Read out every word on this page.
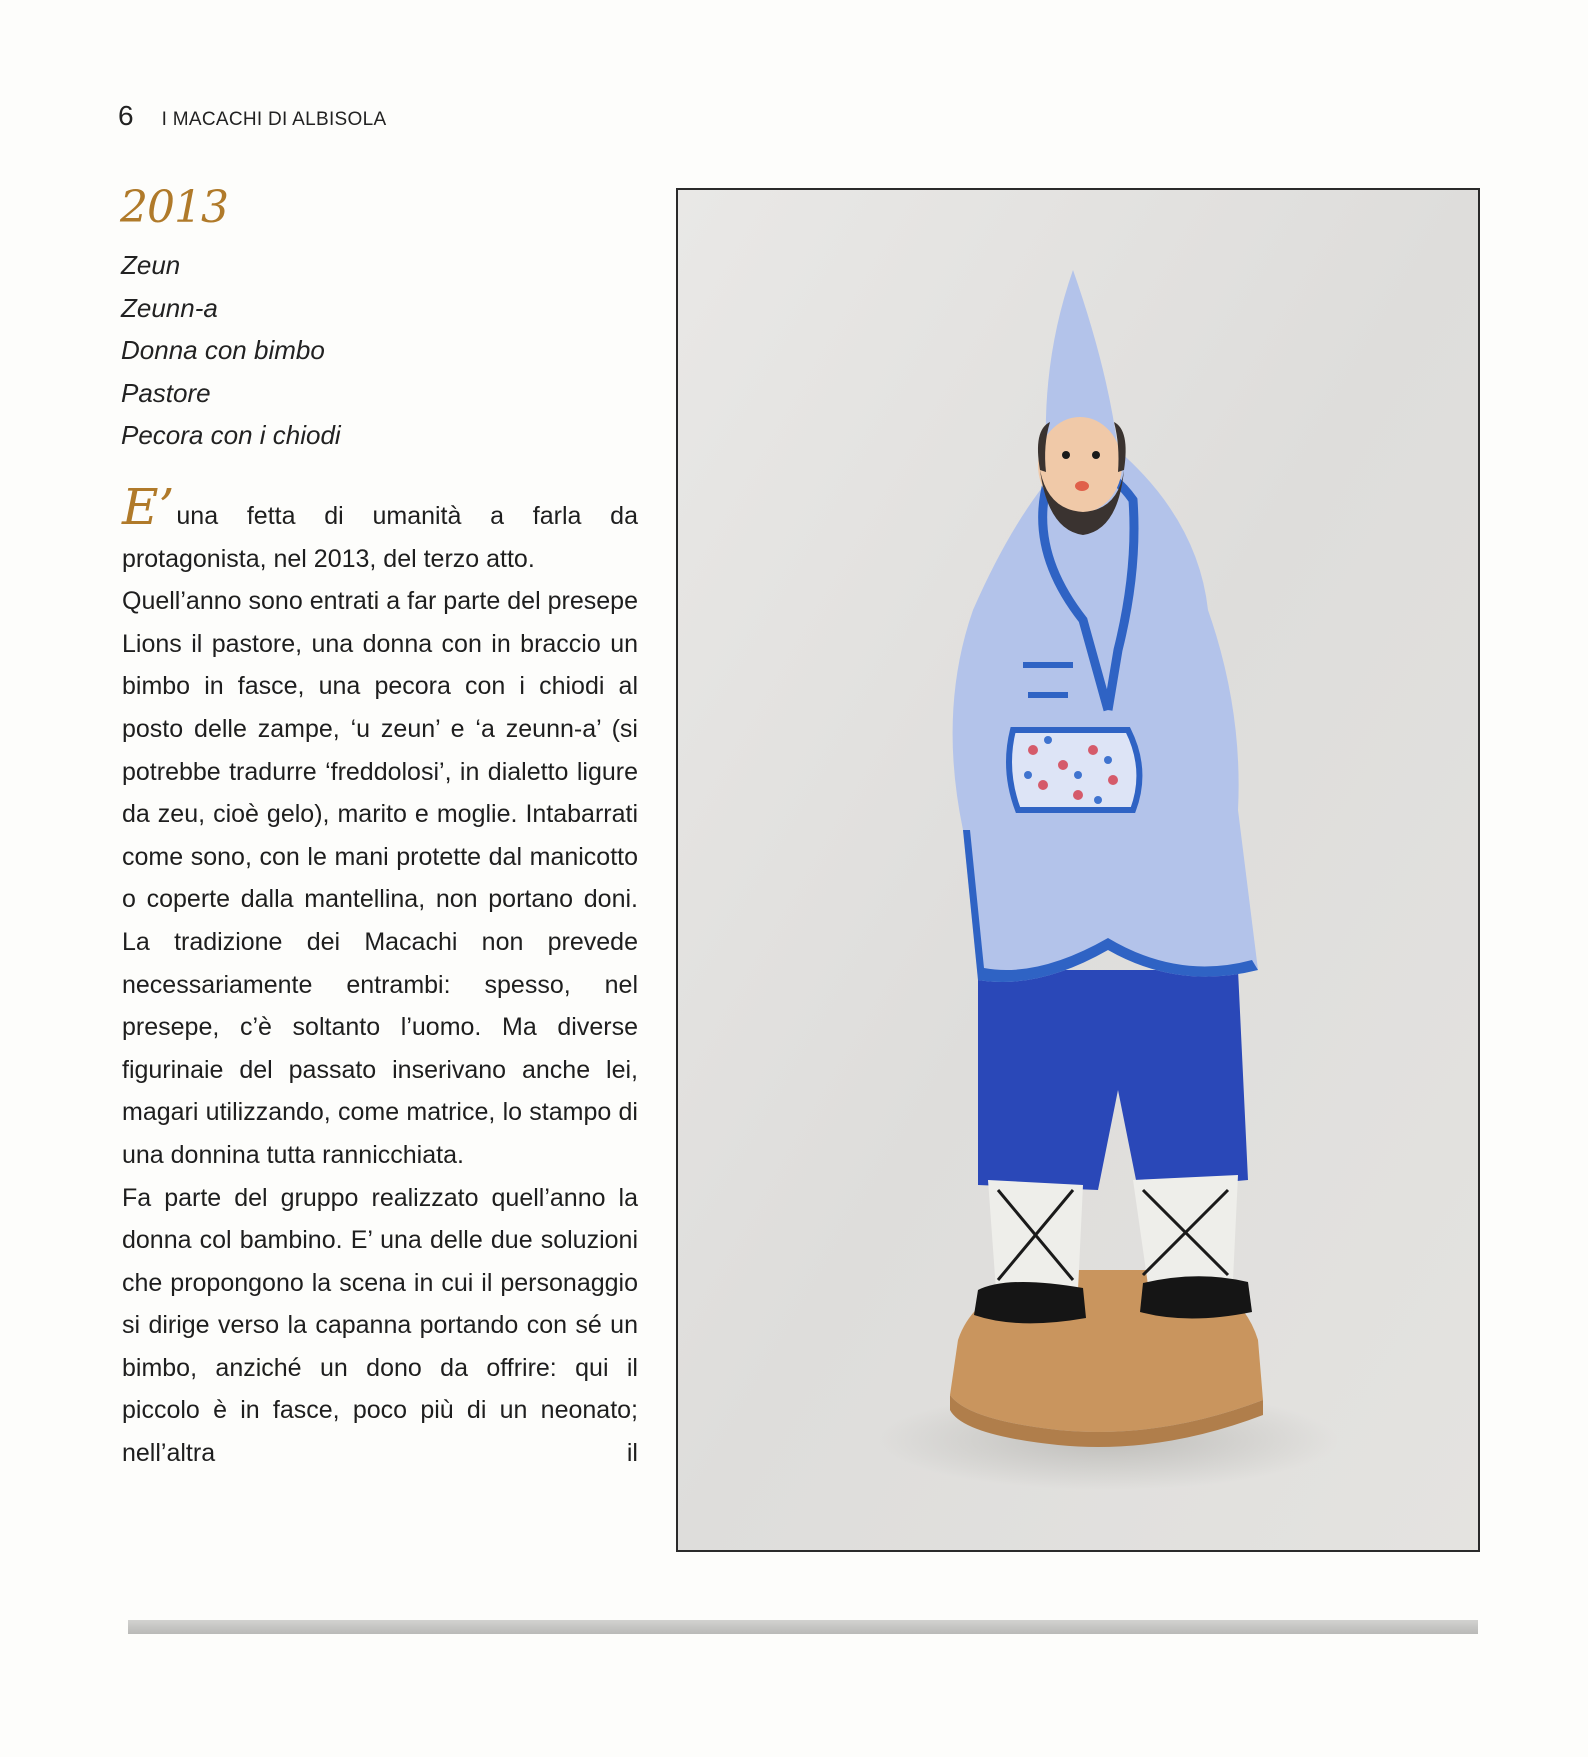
6 I MACACHI DI ALBISOLA
2013
Zeun
Zeunn-a
Donna con bimbo
Pastore
Pecora con i chiodi

E’una fetta di umanità a farla da protagonista, nel 2013, del terzo atto.

Quell’anno sono entrati a far parte del presepe Lions il pastore, una donna con in braccio un bimbo in fasce, una pecora con i chiodi al posto delle zampe, ‘u zeun’ e ‘a zeunn-a’ (si potrebbe tradurre ‘freddolosi’, in dialetto ligure da zeu, cioè gelo), marito e moglie. Intabarrati come sono, con le mani protette dal manicotto o coperte dalla mantellina, non portano doni. La tradizione dei Macachi non prevede necessariamente entrambi: spesso, nel presepe, c’è soltanto l’uomo. Ma diverse figurinaie del passato inserivano anche lei, magari utilizzando, come matrice, lo stampo di una donnina tutta rannicchiata.

Fa parte del gruppo realizzato quell’anno la donna col bambino. E’ una delle due soluzioni che propongono la scena in cui il personaggio si dirige verso la capanna portando con sé un bimbo, anziché un dono da offrire: qui il piccolo è in fasce, poco più di un neonato; nell’altra il
